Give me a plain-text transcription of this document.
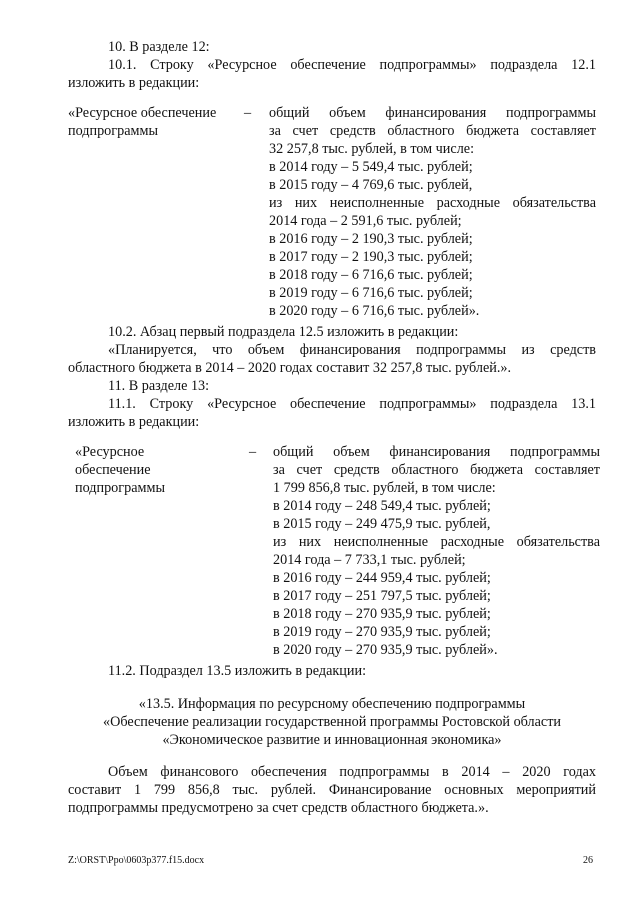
10. В разделе 12:
10.1. Строку «Ресурсное обеспечение подпрограммы» подраздела 12.1
изложить в редакции:
«Ресурсное обеспечение
подпрограммы
– общий объем финансирования подпрограммы
за счет средств областного бюджета составляет
32 257,8 тыс. рублей, в том числе:
в 2014 году – 5 549,4 тыс. рублей;
в 2015 году – 4 769,6 тыс. рублей,
из них неисполненные расходные обязательства
2014 года – 2 591,6 тыс. рублей;
в 2016 году – 2 190,3 тыс. рублей;
в 2017 году – 2 190,3 тыс. рублей;
в 2018 году – 6 716,6 тыс. рублей;
в 2019 году – 6 716,6 тыс. рублей;
в 2020 году – 6 716,6 тыс. рублей».
10.2. Абзац первый подраздела 12.5 изложить в редакции:
«Планируется, что объем финансирования подпрограммы из средств
областного бюджета в 2014 – 2020 годах составит 32 257,8 тыс. рублей.».
11. В разделе 13:
11.1. Строку «Ресурсное обеспечение подпрограммы» подраздела 13.1
изложить в редакции:
«Ресурсное
обеспечение
подпрограммы
– общий объем финансирования подпрограммы
за счет средств областного бюджета составляет
1 799 856,8 тыс. рублей, в том числе:
в 2014 году – 248 549,4 тыс. рублей;
в 2015 году – 249 475,9 тыс. рублей,
из них неисполненные расходные обязательства
2014 года – 7 733,1 тыс. рублей;
в 2016 году – 244 959,4 тыс. рублей;
в 2017 году – 251 797,5 тыс. рублей;
в 2018 году – 270 935,9 тыс. рублей;
в 2019 году – 270 935,9 тыс. рублей;
в 2020 году – 270 935,9 тыс. рублей».
11.2. Подраздел 13.5 изложить в редакции:
«13.5. Информация по ресурсному обеспечению подпрограммы
«Обеспечение реализации государственной программы Ростовской области
«Экономическое развитие и инновационная экономика»
Объем финансового обеспечения подпрограммы в 2014 – 2020 годах
составит 1 799 856,8 тыс. рублей. Финансирование основных мероприятий
подпрограммы предусмотрено за счет средств областного бюджета.».
Z:\ORST\Ppo\0603p377.f15.docx	26
